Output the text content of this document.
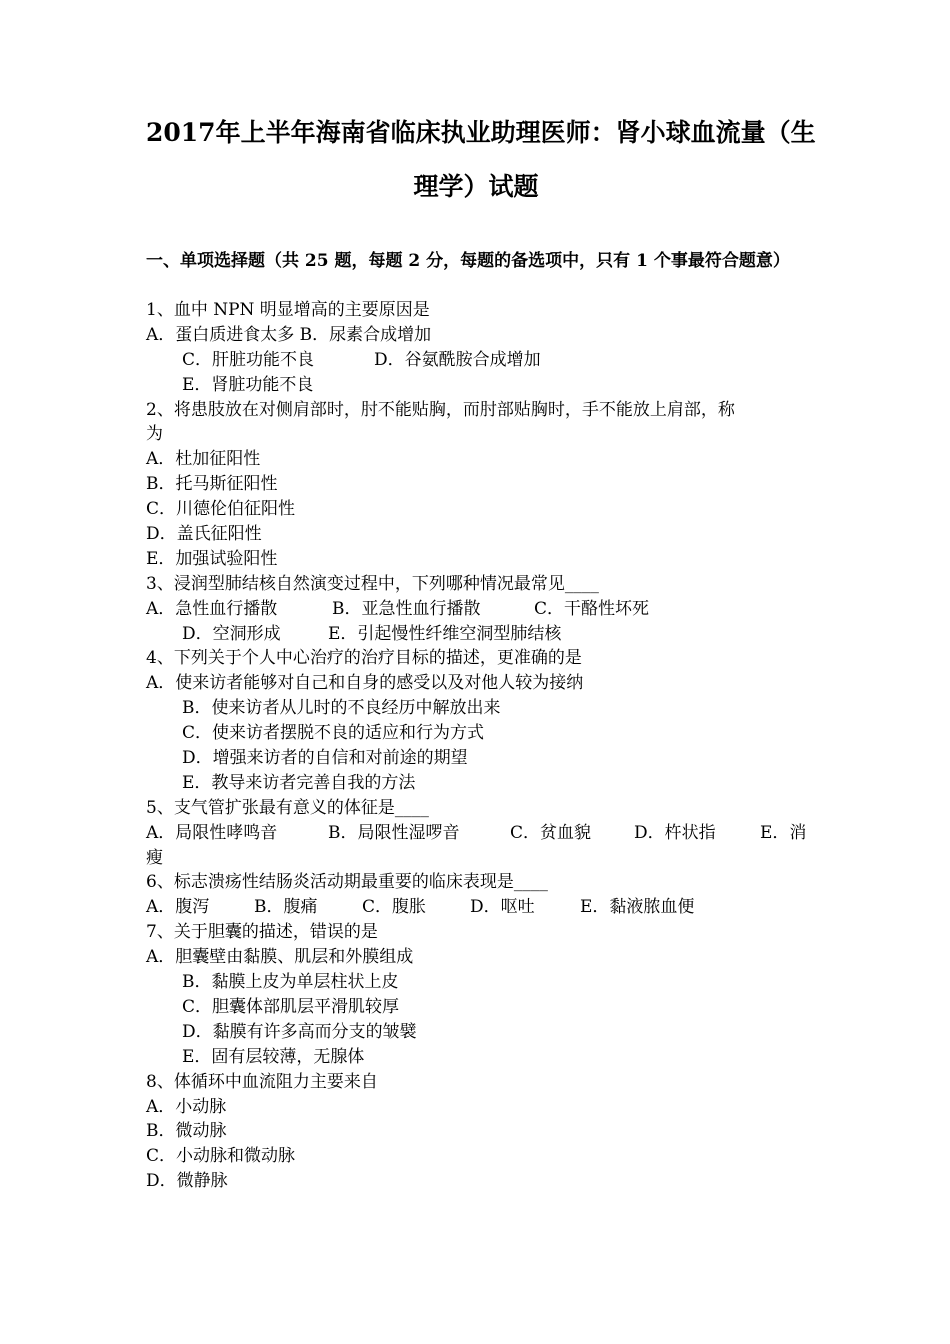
2017年上半年海南省临床执业助理医师：肾小球血流量（生
理学）试题
一、单项选择题（共 25 题，每题 2 分，每题的备选项中，只有 1 个事最符合题意）
1、血中 NPN 明显增高的主要原因是
A．蛋白质进食太多 B．尿素合成增加
C．肝脏功能不良	D．谷氨酰胺合成增加
E．肾脏功能不良
2、将患肢放在对侧肩部时，肘不能贴胸，而肘部贴胸时，手不能放上肩部，称
为
A．杜加征阳性
B．托马斯征阳性
C．川德伦伯征阳性
D．盖氏征阳性
E．加强试验阳性
3、浸润型肺结核自然演变过程中，下列哪种情况最常见____
A．急性血行播散	B．亚急性血行播散	C．干酪性坏死
D．空洞形成	E．引起慢性纤维空洞型肺结核
4、下列关于个人中心治疗的治疗目标的描述，更准确的是
A．使来访者能够对自己和自身的感受以及对他人较为接纳
B．使来访者从儿时的不良经历中解放出来
C．使来访者摆脱不良的适应和行为方式
D．增强来访者的自信和对前途的期望
E．教导来访者完善自我的方法
5、支气管扩张最有意义的体征是____
A．局限性哮鸣音	B．局限性湿啰音	C．贫血貌	D．杵状指	E．消
瘦
6、标志溃疡性结肠炎活动期最重要的临床表现是____
A．腹泻	B．腹痛	C．腹胀	D．呕吐	E．黏液脓血便
7、关于胆囊的描述，错误的是
A．胆囊壁由黏膜、肌层和外膜组成
B．黏膜上皮为单层柱状上皮
C．胆囊体部肌层平滑肌较厚
D．黏膜有许多高而分支的皱襞
E．固有层较薄，无腺体
8、体循环中血流阻力主要来自
A．小动脉
B．微动脉
C．小动脉和微动脉
D．微静脉
